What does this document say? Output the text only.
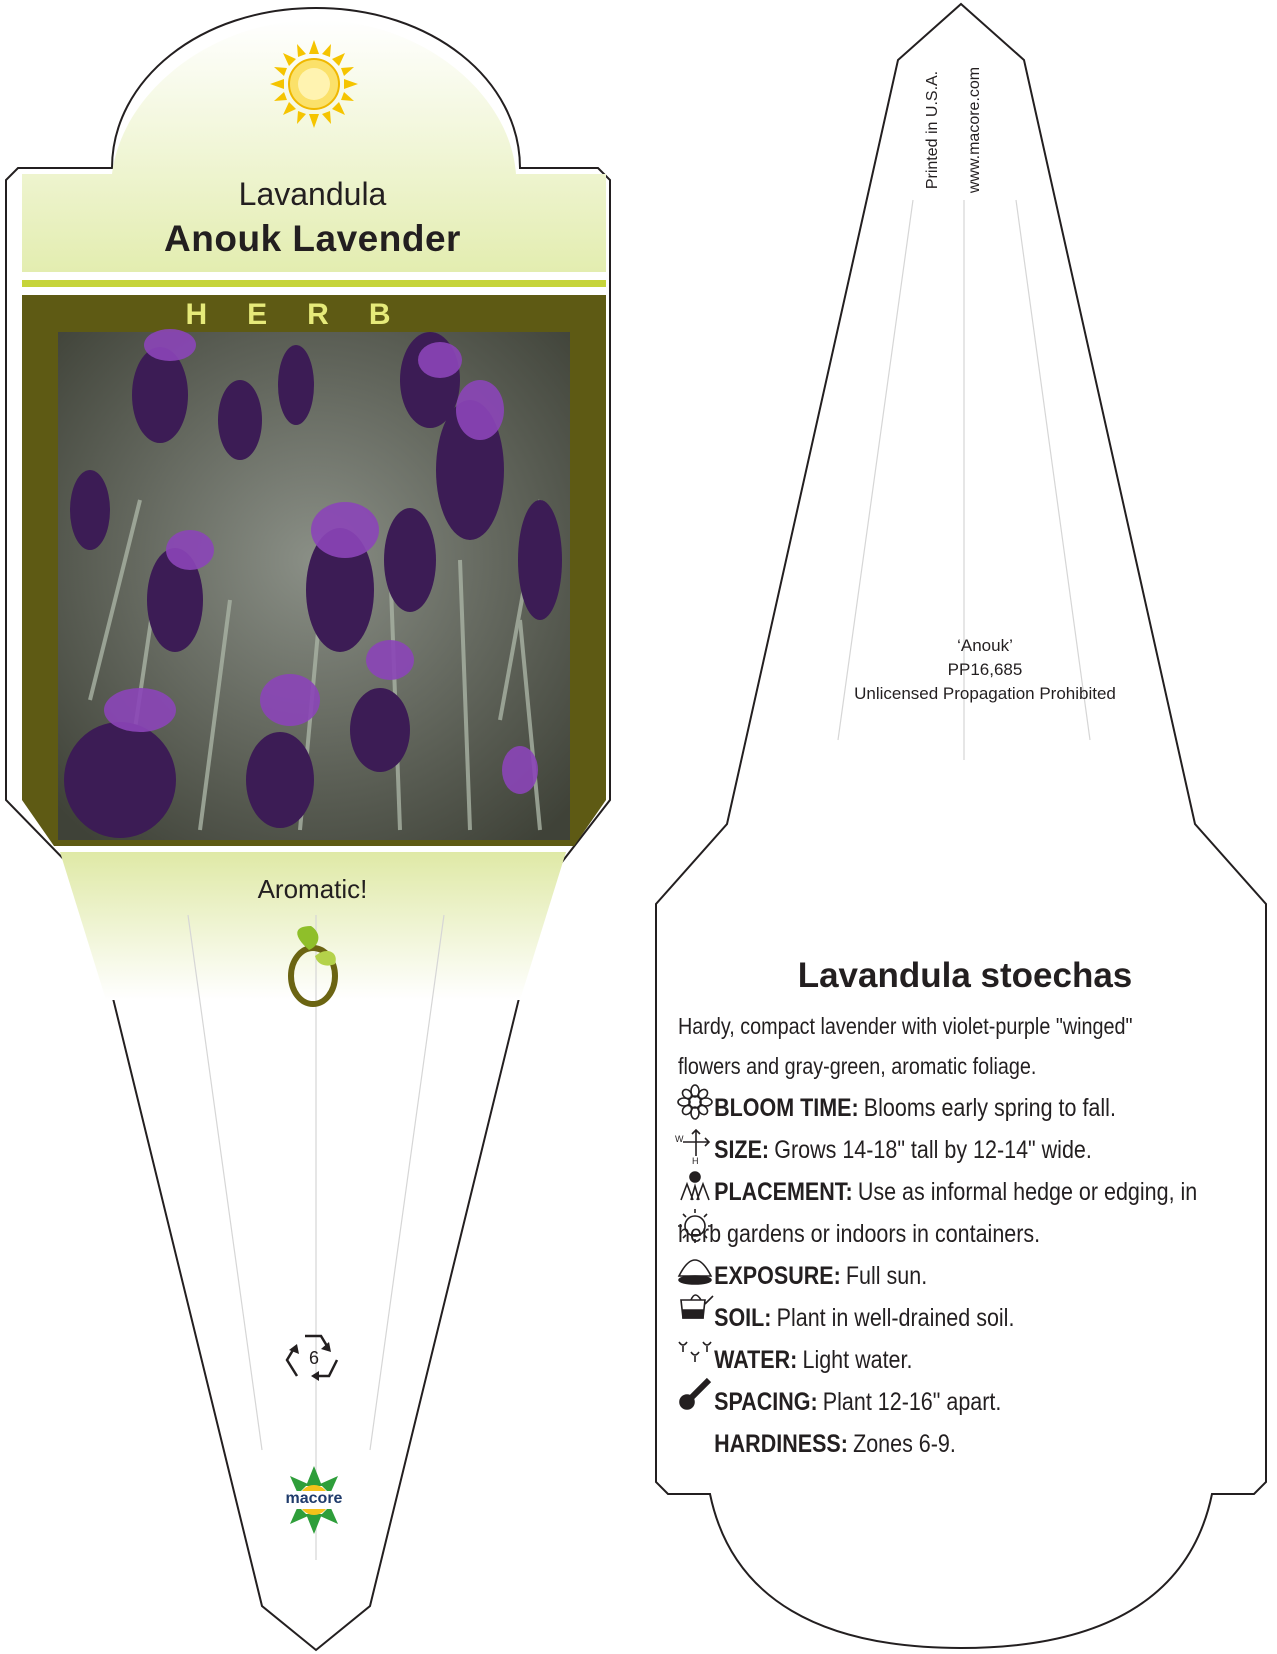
W
H
Lavandula
Anouk Lavender
HERB
Aromatic!
6
macore
Printed in U.S.A. www.macore.com
‘Anouk’
PP16,685
Unlicensed Propagation Prohibited
Lavandula stoechas
Hardy, compact lavender with violet-purple "winged"
flowers and gray-green, aromatic foliage.
BLOOM TIME: Blooms early spring to fall.
SIZE: Grows 14-18" tall by 12-14" wide.
PLACEMENT: Use as informal hedge or edging, in
herb gardens or indoors in containers.
EXPOSURE: Full sun.
SOIL: Plant in well-drained soil.
WATER: Light water.
SPACING: Plant 12-16" apart.
HARDINESS: Zones 6-9.
